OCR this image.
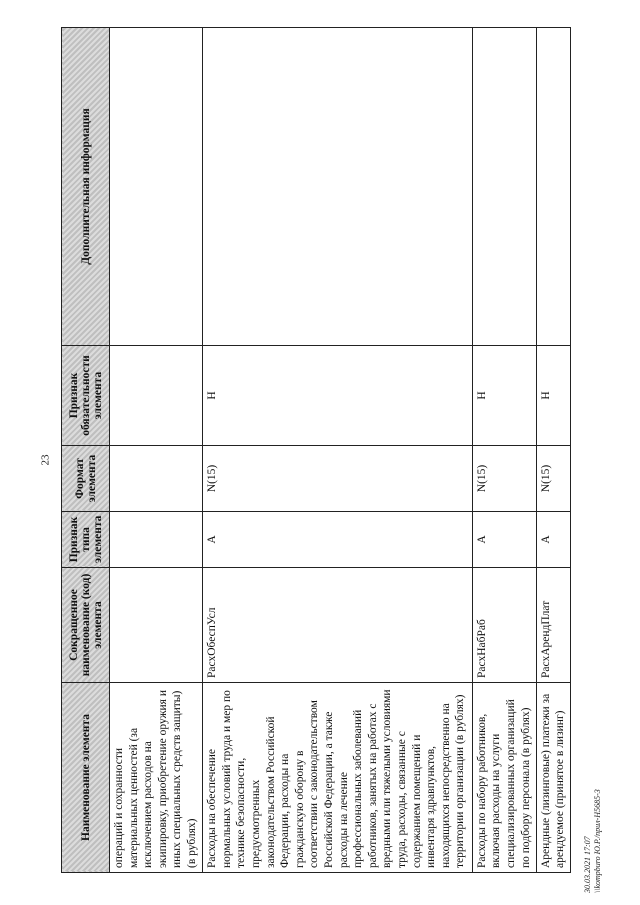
23
30.03.2021 17:07 \\kompburo Ю.Р./прил-Н5685-3
Наименование элемента	Сокращенное наименование (код) элемента	Признак типа элемента	Формат элемента	Признак обязательности элемента	Дополнительная информация
операций и сохранности материальных ценностей (за исключением расходов на экипировку, приобретение оружия и иных специальных средств защиты) (в рублях)					
Расходы на обеспечение нормальных условий труда и мер по технике безопасности, предусмотренных законодательством Российской Федерации, расходы на гражданскую оборону в соответствии с законодательством Российской Федерации, а также расходы на лечение профессиональных заболеваний работников, занятых на работах с вредными или тяжелыми условиями труда, расходы, связанные с содержанием помещений и инвентаря здравпунктов, находящихся непосредственно на территории организации (в рублях)	РасхОбеспУсл	А	N(15)	Н	
Расходы по набору работников, включая расходы на услуги специализированных организаций по подбору персонала (в рублях)	РасхНабРаб	А	N(15)	Н	
Арендные (лизинговые) платежи за арендуемое (принятое в лизинг)	РасхАрендПлат	А	N(15)	Н	
